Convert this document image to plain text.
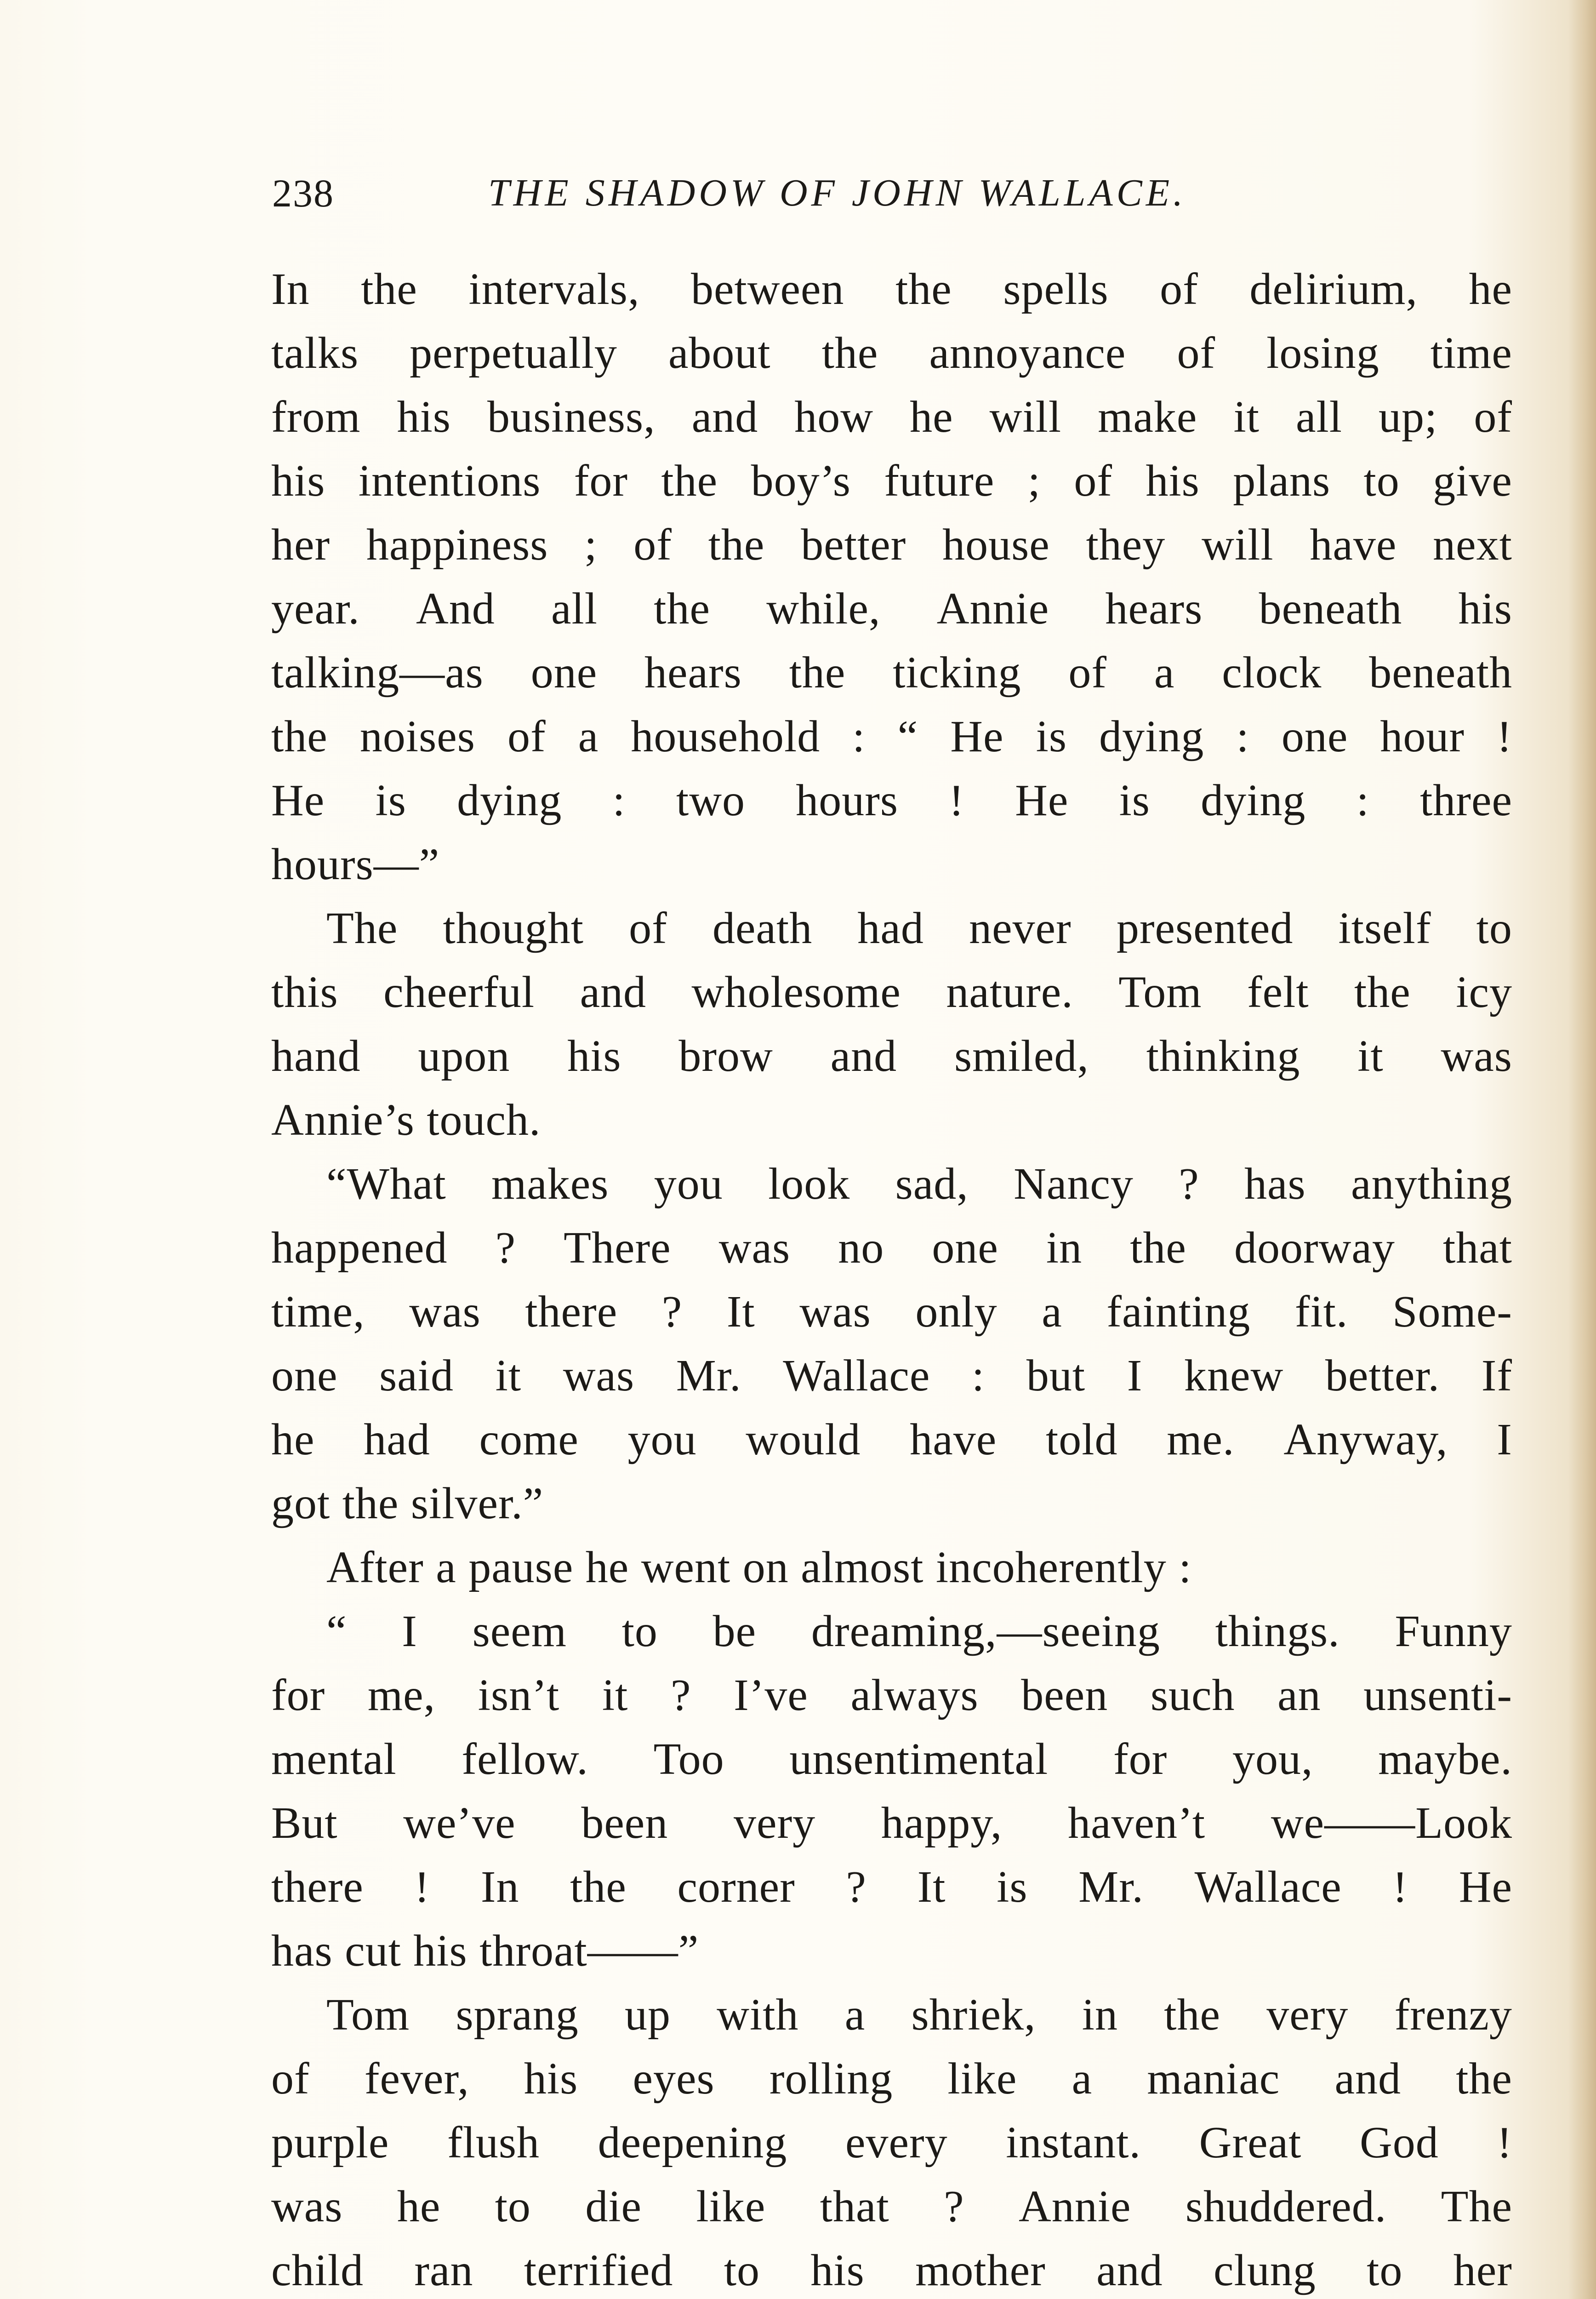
238	THE SHADOW OF JOHN WALLACE.
In the intervals, between the spells of delirium, he
talks perpetually about the annoyance of losing time
from his business, and how he will make it all up; of
his intentions for the boy’s future ; of his plans to give
her happiness ; of the better house they will have next
year. And all the while, Annie hears beneath his
talking—as one hears the ticking of a clock beneath
the noises of a household : “ He is dying : one hour !
He is dying : two hours ! He is dying : three
hours—”
The thought of death had never presented itself to
this cheerful and wholesome nature. Tom felt the icy
hand upon his brow and smiled, thinking it was
Annie’s touch.
“What makes you look sad, Nancy ? has anything
happened ? There was no one in the doorway that
time, was there ? It was only a fainting fit. Some-
one said it was Mr. Wallace : but I knew better. If
he had come you would have told me. Anyway, I
got the silver.”
After a pause he went on almost incoherently :
“ I seem to be dreaming,—seeing things. Funny
for me, isn’t it ? I’ve always been such an unsenti-
mental fellow. Too unsentimental for you, maybe.
But we’ve been very happy, haven’t we——Look
there ! In the corner ? It is Mr. Wallace ! He
has cut his throat——”
Tom sprang up with a shriek, in the very frenzy
of fever, his eyes rolling like a maniac and the
purple flush deepening every instant. Great God !
was he to die like that ? Annie shuddered. The
child ran terrified to his mother and clung to her
